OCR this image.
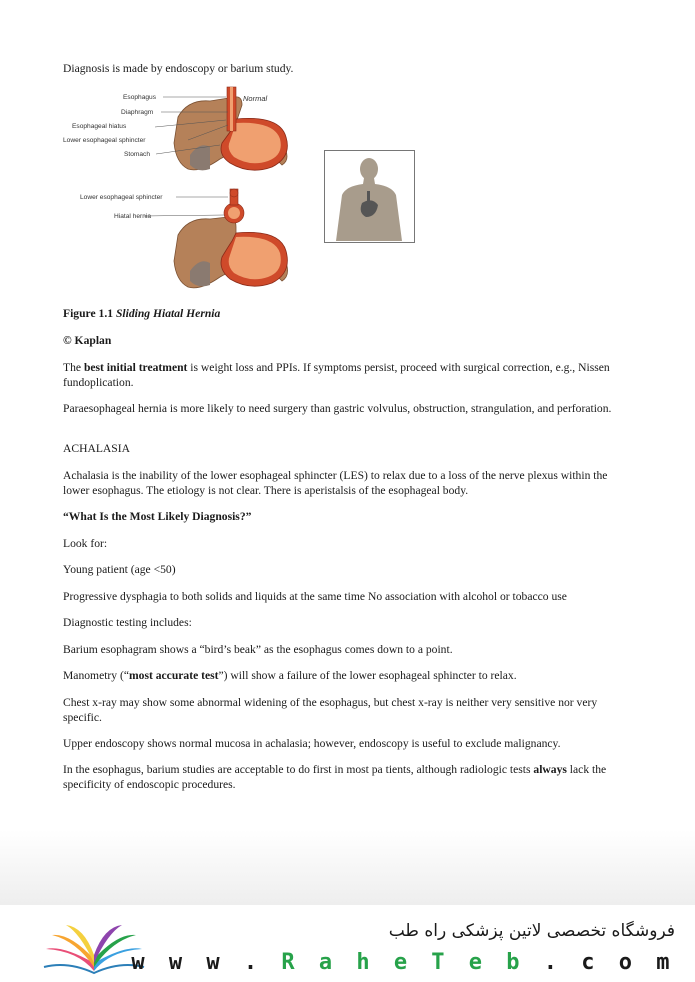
Diagnosis is made by endoscopy or barium study.

Normal
Esophagus
Diaphragm
Esophageal hiatus
Lower esophageal sphincter
Stomach
Lower esophageal sphincter
Hiatal hernia

Figure 1.1 Sliding Hiatal Hernia

© Kaplan

The best initial treatment is weight loss and PPIs. If symptoms persist, proceed with surgical correction, e.g., Nissen fundoplication.

Paraesophageal hernia is more likely to need surgery than gastric volvulus, obstruction, strangulation, and perforation.

ACHALASIA

Achalasia is the inability of the lower esophageal sphincter (LES) to relax due to a loss of the nerve plexus within the lower esophagus. The etiology is not clear. There is aperistalsis of the esophageal body.

“What Is the Most Likely Diagnosis?”

Look for:

Young patient (age <50)

Progressive dysphagia to both solids and liquids at the same time No association with alcohol or tobacco use

Diagnostic testing includes:

Barium esophagram shows a “bird’s beak” as the esophagus comes down to a point.

Manometry (“most accurate test”) will show a failure of the lower esophageal sphincter to relax.

Chest x-ray may show some abnormal widening of the esophagus, but chest x-ray is neither very sensitive nor very specific.

Upper endoscopy shows normal mucosa in achalasia; however, endoscopy is useful to exclude malignancy.

In the esophagus, barium studies are acceptable to do first in most pa tients, although radiologic tests always lack the specificity of endoscopic procedures.

فروشگاه تخصصی لاتین پزشکی راه طب
w w w . R a h e T e b . c o m
